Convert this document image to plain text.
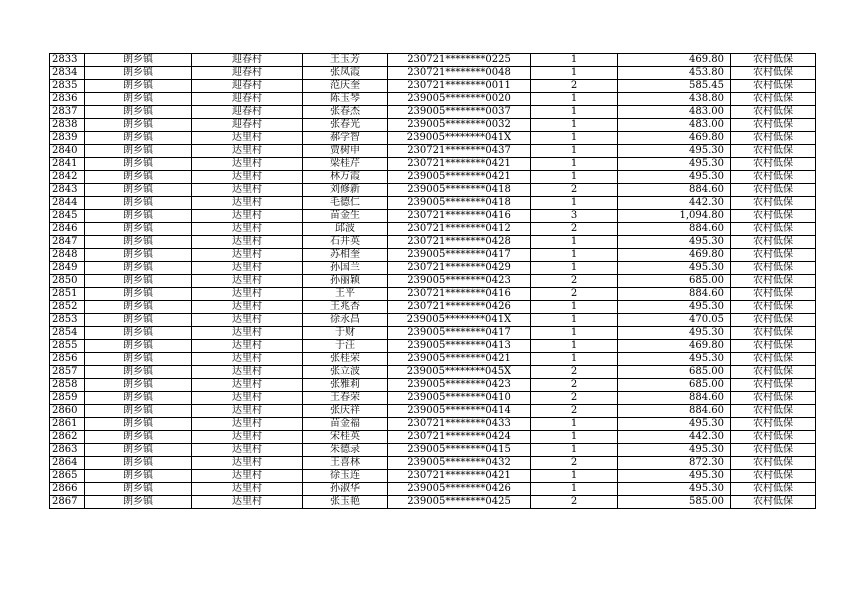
2833	朗乡镇	迎春村	王玉芳	230721********0225	1	469.80	农村低保
2834	朗乡镇	迎春村	张凤霞	230721********0048	1	453.80	农村低保
2835	朗乡镇	迎春村	范庆奎	230721********0011	2	585.45	农村低保
2836	朗乡镇	迎春村	陈玉琴	239005********0020	1	438.80	农村低保
2837	朗乡镇	迎春村	张春杰	239005********0037	1	483.00	农村低保
2838	朗乡镇	迎春村	张春光	239005********0032	1	483.00	农村低保
2839	朗乡镇	达里村	郝学智	239005********041X	1	469.80	农村低保
2840	朗乡镇	达里村	贾树申	230721********0437	1	495.30	农村低保
2841	朗乡镇	达里村	梁桂芹	230721********0421	1	495.30	农村低保
2842	朗乡镇	达里村	林万霞	239005********0421	1	495.30	农村低保
2843	朗乡镇	达里村	刘修新	239005********0418	2	884.60	农村低保
2844	朗乡镇	达里村	毛德仁	239005********0418	1	442.30	农村低保
2845	朗乡镇	达里村	苗金生	230721********0416	3	1,094.80	农村低保
2846	朗乡镇	达里村	邱波	230721********0412	2	884.60	农村低保
2847	朗乡镇	达里村	石井英	230721********0428	1	495.30	农村低保
2848	朗乡镇	达里村	苏相奎	239005********0417	1	469.80	农村低保
2849	朗乡镇	达里村	孙国兰	230721********0429	1	495.30	农村低保
2850	朗乡镇	达里村	孙丽颖	239005********0423	2	685.00	农村低保
2851	朗乡镇	达里村	王平	230721********0416	2	884.60	农村低保
2852	朗乡镇	达里村	王兆杏	230721********0426	1	495.30	农村低保
2853	朗乡镇	达里村	徐永昌	239005********041X	1	470.05	农村低保
2854	朗乡镇	达里村	于财	239005********0417	1	495.30	农村低保
2855	朗乡镇	达里村	于汪	239005********0413	1	469.80	农村低保
2856	朗乡镇	达里村	张桂荣	239005********0421	1	495.30	农村低保
2857	朗乡镇	达里村	张立波	239005********045X	2	685.00	农村低保
2858	朗乡镇	达里村	张雅莉	239005********0423	2	685.00	农村低保
2859	朗乡镇	达里村	王春荣	239005********0410	2	884.60	农村低保
2860	朗乡镇	达里村	张庆祥	239005********0414	2	884.60	农村低保
2861	朗乡镇	达里村	苗金福	230721********0433	1	495.30	农村低保
2862	朗乡镇	达里村	宋桂英	230721********0424	1	442.30	农村低保
2863	朗乡镇	达里村	朱德录	239005********0415	1	495.30	农村低保
2864	朗乡镇	达里村	王喜林	239005********0432	2	872.30	农村低保
2865	朗乡镇	达里村	徐玉连	230721********0421	1	495.30	农村低保
2866	朗乡镇	达里村	孙淑华	239005********0426	1	495.30	农村低保
2867	朗乡镇	达里村	张玉艳	239005********0425	2	585.00	农村低保
